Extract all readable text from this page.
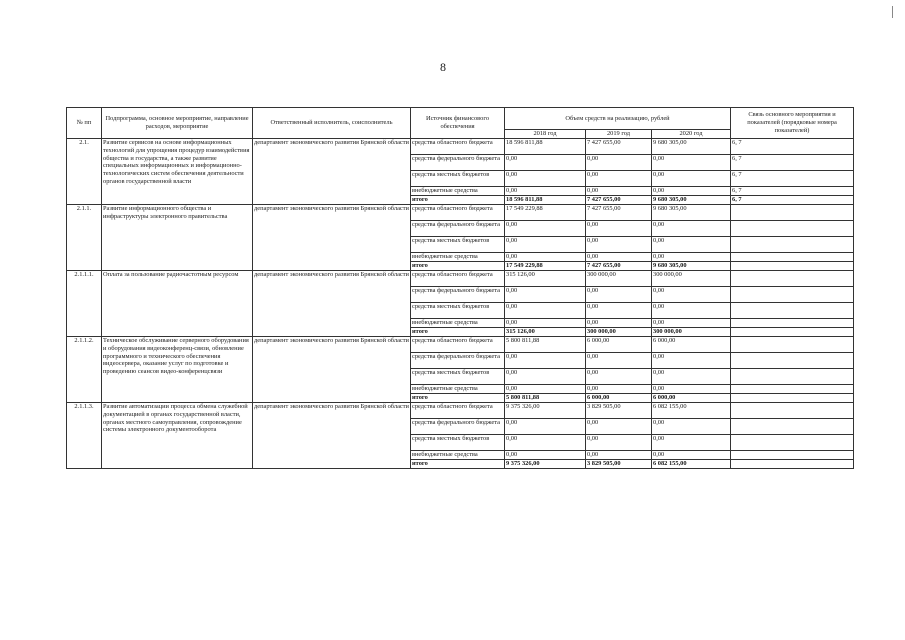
8
№ пп	Подпрограмма, основное мероприятие, направление расходов, мероприятие	Ответственный исполнитель, соисполнитель	Источник финансового обеспечения	Объем средств на реализацию, рублей			Связь основного мероприятия и показателей (порядковые номера показателей)
				2018 год	2019 год	2020 год	
2.1.	Развитие сервисов на основе информационных технологий для упрощения процедур взаимодействия общества и государства, а также развитие специальных информационных и информационно-технологических систем обеспечения деятельности органов государственной власти	департамент экономического развития Брянской области	средства областного бюджета	18 596 811,88	7 427 655,00	9 680 305,00	6, 7
			средства федерального бюджета	0,00	0,00	0,00	6, 7
			средства местных бюджетов	0,00	0,00	0,00	6, 7
			внебюджетные средства	0,00	0,00	0,00	6, 7
			итого	18 596 811,88	7 427 655,00	9 680 305,00	6, 7
2.1.1.	Развитие информационного общества и инфраструктуры электронного правительства	департамент экономического развития Брянской области	средства областного бюджета	17 549 229,88	7 427 655,00	9 680 305,00	
			средства федерального бюджета	0,00	0,00	0,00	
			средства местных бюджетов	0,00	0,00	0,00	
			внебюджетные средства	0,00	0,00	0,00	
			итого	17 549 229,88	7 427 655,00	9 680 305,00	
2.1.1.1.	Оплата за пользование радиочастотным ресурсом	департамент экономического развития Брянской области	средства областного бюджета	315 126,00	300 000,00	300 000,00	
			средства федерального бюджета	0,00	0,00	0,00	
			средства местных бюджетов	0,00	0,00	0,00	
			внебюджетные средства	0,00	0,00	0,00	
			итого	315 126,00	300 000,00	300 000,00	
2.1.1.2.	Техническое обслуживание серверного оборудования и оборудования видеоконференц-связи, обновление программного и технического обеспечения видеосервера, оказание услуг по подготовке и проведению сеансов видео-конференцсвязи	департамент экономического развития Брянской области	средства областного бюджета	5 800 811,88	6 000,00	6 000,00	
			средства федерального бюджета	0,00	0,00	0,00	
			средства местных бюджетов	0,00	0,00	0,00	
			внебюджетные средства	0,00	0,00	0,00	
			итого	5 800 811,88	6 000,00	6 000,00	
2.1.1.3.	Развитие автоматизации процесса обмена служебной документацией в органах государственной власти, органах местного самоуправления, сопровождение системы электронного документооборота	департамент экономического развития Брянской области	средства областного бюджета	9 375 326,00	3 829 505,00	6 082 155,00	
			средства федерального бюджета	0,00	0,00	0,00	
			средства местных бюджетов	0,00	0,00	0,00	
			внебюджетные средства	0,00	0,00	0,00	
			итого	9 375 326,00	3 829 505,00	6 082 155,00	
